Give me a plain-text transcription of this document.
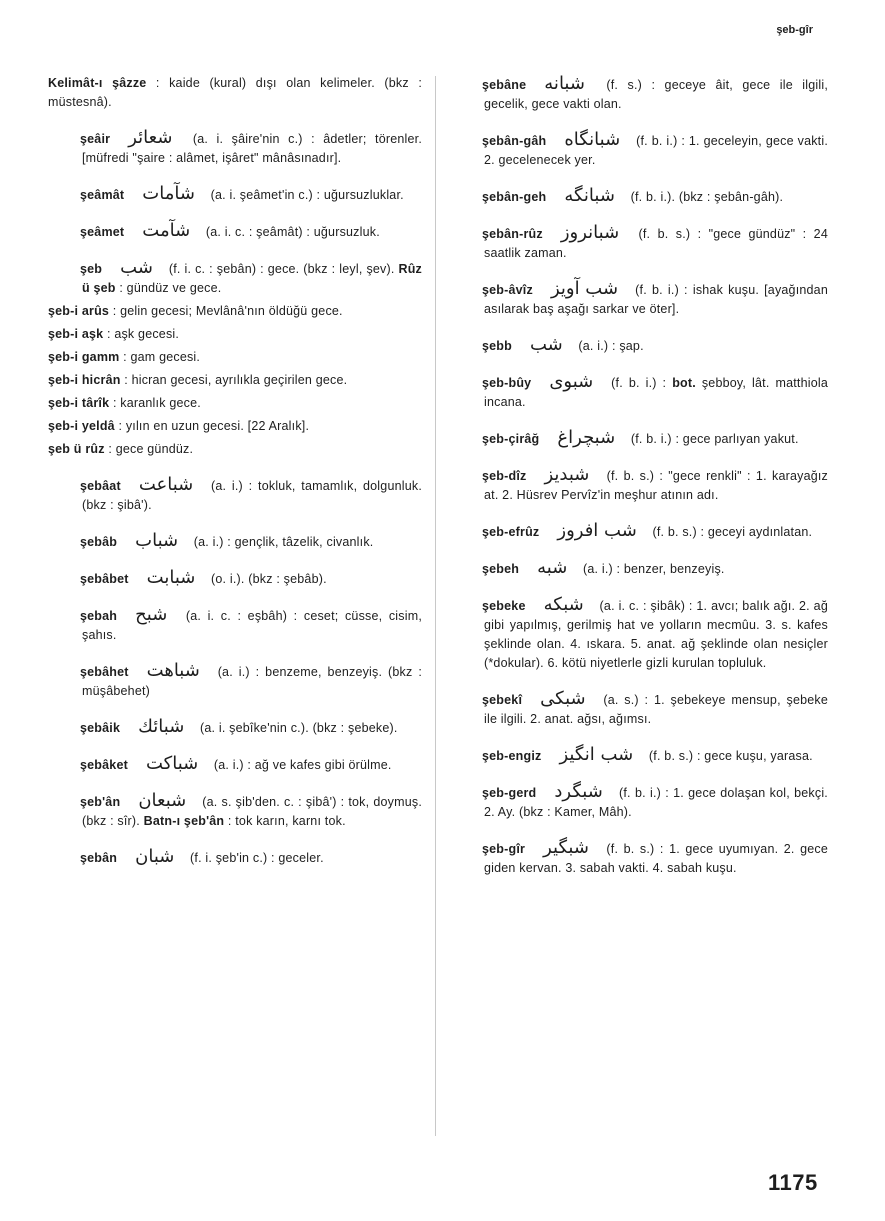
şeb-gîr
Kelimât-ı şâzze : kaide (kural) dışı olan kelimeler. (bkz : müstesnâ).
şeâir شعائر (a. i. şâire'nin c.) : âdetler; törenler. [müfredi "şaire : alâmet, işâret" mânâsınadır].
şeâmât شآمات (a. i. şeâmet'in c.) : uğursuzluklar.
şeâmet شآمت (a. i. c. : şeâmât) : uğursuzluk.
şeb شب (f. i. c. : şebân) : gece. (bkz : leyl, şev). Rûz ü şeb : gündüz ve gece.
şeb-i arûs : gelin gecesi; Mevlânâ'nın öldüğü gece.
şeb-i aşk : aşk gecesi.
şeb-i gamm : gam gecesi.
şeb-i hicrân : hicran gecesi, ayrılıkla geçirilen gece.
şeb-i târîk : karanlık gece.
şeb-i yeldâ : yılın en uzun gecesi. [22 Aralık].
şeb ü rûz : gece gündüz.
şebâat شباعت (a. i.) : tokluk, tamamlık, dolgunluk. (bkz : şibâ').
şebâb شباب (a. i.) : gençlik, tâzelik, civanlık.
şebâbet شبابت (o. i.). (bkz : şebâb).
şebah شبح (a. i. c. : eşbâh) : ceset; cüsse, cisim, şahıs.
şebâhet شباهت (a. i.) : benzeme, benzeyiş. (bkz : müşâbehet)
şebâik شبائك (a. i. şebîke'nin c.). (bkz : şebeke).
şebâket شباكت (a. i.) : ağ ve kafes gibi örülme.
şeb'ân شبعان (a. s. şib'den. c. : şibâ') : tok, doymuş. (bkz : sîr). Batn-ı şeb'ân : tok karın, karnı tok.
şebân شبان (f. i. şeb'in c.) : geceler.
şebâne شبانه (f. s.) : geceye âit, gece ile ilgili, gecelik, gece vakti olan.
şebân-gâh شبانگاه (f. b. i.) : 1. geceleyin, gece vakti. 2. gecelenecek yer.
şebân-geh شبانگه (f. b. i.). (bkz : şebân-gâh).
şebân-rûz شبانروز (f. b. s.) : "gece gündüz" : 24 saatlik zaman.
şeb-âvîz شب آويز (f. b. i.) : ishak kuşu. [ayağından asılarak baş aşağı sarkar ve öter].
şebb شب (a. i.) : şap.
şeb-bûy شبوى (f. b. i.) : bot. şebboy, lât. matthiola incana.
şeb-çirâğ شبچراغ (f. b. i.) : gece parlıyan yakut.
şeb-dîz شبديز (f. b. s.) : "gece renkli" : 1. karayağız at. 2. Hüsrev Pervîz'in meşhur atının adı.
şeb-efrûz شب افروز (f. b. s.) : geceyi aydınlatan.
şebeh شبه (a. i.) : benzer, benzeyiş.
şebeke شبكه (a. i. c. : şibâk) : 1. avcı; balık ağı. 2. ağ gibi yapılmış, gerilmiş hat ve yolların mecmûu. 3. s. kafes şeklinde olan. 4. ıskara. 5. anat. ağ şeklinde olan nesiçler (*dokular). 6. kötü niyetlerle gizli kurulan topluluk.
şebekî شبكى (a. s.) : 1. şebekeye mensup, şebeke ile ilgili. 2. anat. ağsı, ağımsı.
şeb-engiz شب انگيز (f. b. s.) : gece kuşu, yarasa.
şeb-gerd شبگرد (f. b. i.) : 1. gece dolaşan kol, bekçi. 2. Ay. (bkz : Kamer, Mâh).
şeb-gîr شبگير (f. b. s.) : 1. gece uyumıyan. 2. gece giden kervan. 3. sabah vakti. 4. sabah kuşu.
1175
